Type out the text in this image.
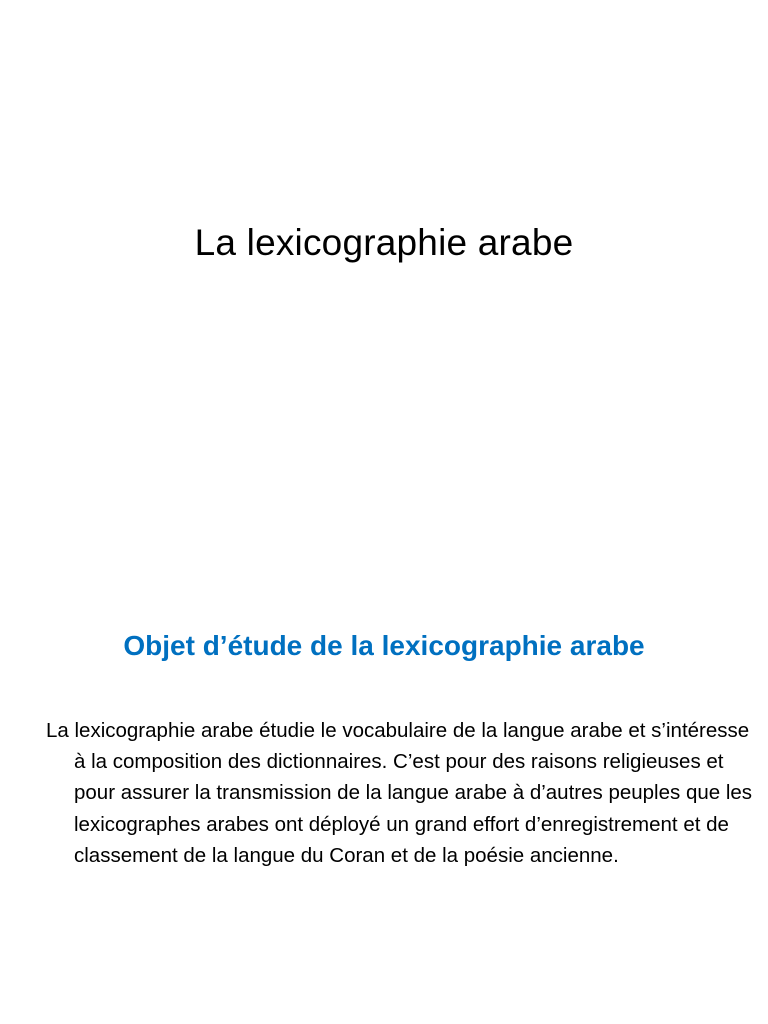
La lexicographie arabe
Objet d’étude de la lexicographie arabe

La lexicographie arabe étudie le vocabulaire de la langue arabe et s’intéresse à la composition des dictionnaires. C’est pour des raisons religieuses et pour assurer la transmission de la langue arabe à d’autres peuples que les lexicographes arabes ont déployé un grand effort d’enregistrement et de classement de la langue du Coran et de la poésie ancienne.
